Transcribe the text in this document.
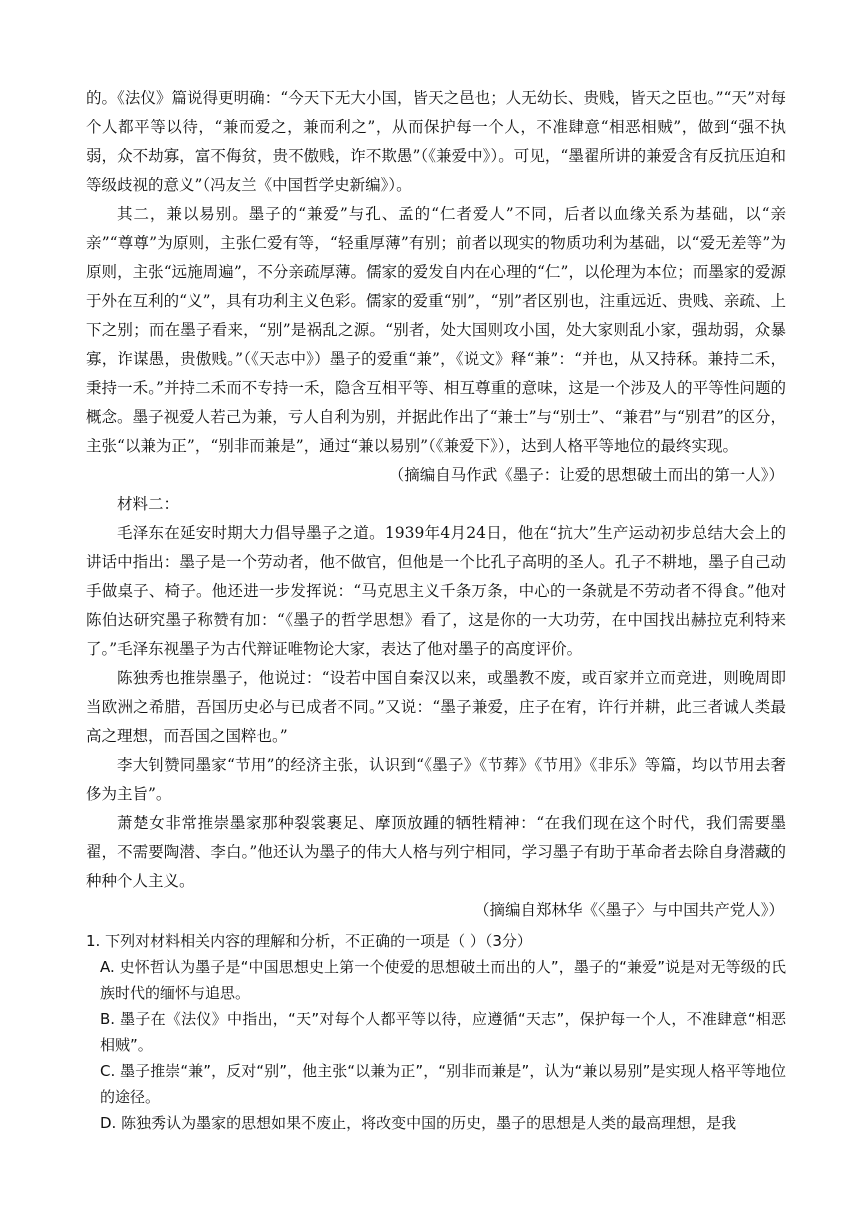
的。《法仪》篇说得更明确：“今天下无大小国，皆天之邑也；人无幼长、贵贱，皆天之臣也。”“天”对每个人都平等以待，“兼而爱之，兼而利之”，从而保护每一个人，不准肆意“相恶相贼”，做到“强不执弱，众不劫寡，富不侮贫，贵不傲贱，诈不欺愚”（《兼爱中》）。可见，“墨翟所讲的兼爱含有反抗压迫和等级歧视的意义”（冯友兰《中国哲学史新编》）。

其二，兼以易别。墨子的“兼爱”与孔、孟的“仁者爱人”不同，后者以血缘关系为基础，以“亲亲”“尊尊”为原则，主张仁爱有等，“轻重厚薄”有别；前者以现实的物质功利为基础，以“爱无差等”为原则，主张“远施周遍”，不分亲疏厚薄。儒家的爱发自内在心理的“仁”，以伦理为本位；而墨家的爱源于外在互利的“义”，具有功利主义色彩。儒家的爱重“别”，“别”者区别也，注重远近、贵贱、亲疏、上下之别；而在墨子看来，“别”是祸乱之源。“别者，处大国则攻小国，处大家则乱小家，强劫弱，众暴寡，诈谋愚，贵傲贱。”（《天志中》）墨子的爱重“兼”，《说文》释“兼”：“并也，从又持秝。兼持二禾，秉持一禾。”并持二禾而不专持一禾，隐含互相平等、相互尊重的意味，这是一个涉及人的平等性问题的概念。墨子视爱人若己为兼，亏人自利为别，并据此作出了“兼士”与“别士”、“兼君”与“别君”的区分，主张“以兼为正”，“别非而兼是”，通过“兼以易别”（《兼爱下》），达到人格平等地位的最终实现。

（摘编自马作武《墨子：让爱的思想破土而出的第一人》）

材料二：

毛泽东在延安时期大力倡导墨子之道。1939年4月24日，他在“抗大”生产运动初步总结大会上的讲话中指出：墨子是一个劳动者，他不做官，但他是一个比孔子高明的圣人。孔子不耕地，墨子自己动手做桌子、椅子。他还进一步发挥说：“马克思主义千条万条，中心的一条就是不劳动者不得食。”他对陈伯达研究墨子称赞有加：“《墨子的哲学思想》看了，这是你的一大功劳，在中国找出赫拉克利特来了。”毛泽东视墨子为古代辩证唯物论大家，表达了他对墨子的高度评价。

陈独秀也推崇墨子，他说过：“设若中国自秦汉以来，或墨教不废，或百家并立而竞进，则晚周即当欧洲之希腊，吾国历史必与已成者不同。”又说：“墨子兼爱，庄子在宥，许行并耕，此三者诚人类最高之理想，而吾国之国粹也。”

李大钊赞同墨家“节用”的经济主张，认识到“《墨子》《节葬》《节用》《非乐》等篇，均以节用去奢侈为主旨”。

萧楚女非常推崇墨家那种裂裳裹足、摩顶放踵的牺牲精神：“在我们现在这个时代，我们需要墨翟，不需要陶潜、李白。”他还认为墨子的伟大人格与列宁相同，学习墨子有助于革命者去除自身潜藏的种种个人主义。

（摘编自郑林华《〈墨子〉与中国共产党人》）

1. 下列对材料相关内容的理解和分析，不正确的一项是（ ）（3分）

A. 史怀哲认为墨子是“中国思想史上第一个使爱的思想破土而出的人”，墨子的“兼爱”说是对无等级的氏族时代的缅怀与追思。

B. 墨子在《法仪》中指出，“天”对每个人都平等以待，应遵循“天志”，保护每一个人，不准肆意“相恶相贼”。

C. 墨子推崇“兼”，反对“别”，他主张“以兼为正”，“别非而兼是”，认为“兼以易别”是实现人格平等地位的途径。

D. 陈独秀认为墨家的思想如果不废止，将改变中国的历史，墨子的思想是人类的最高理想，是我
